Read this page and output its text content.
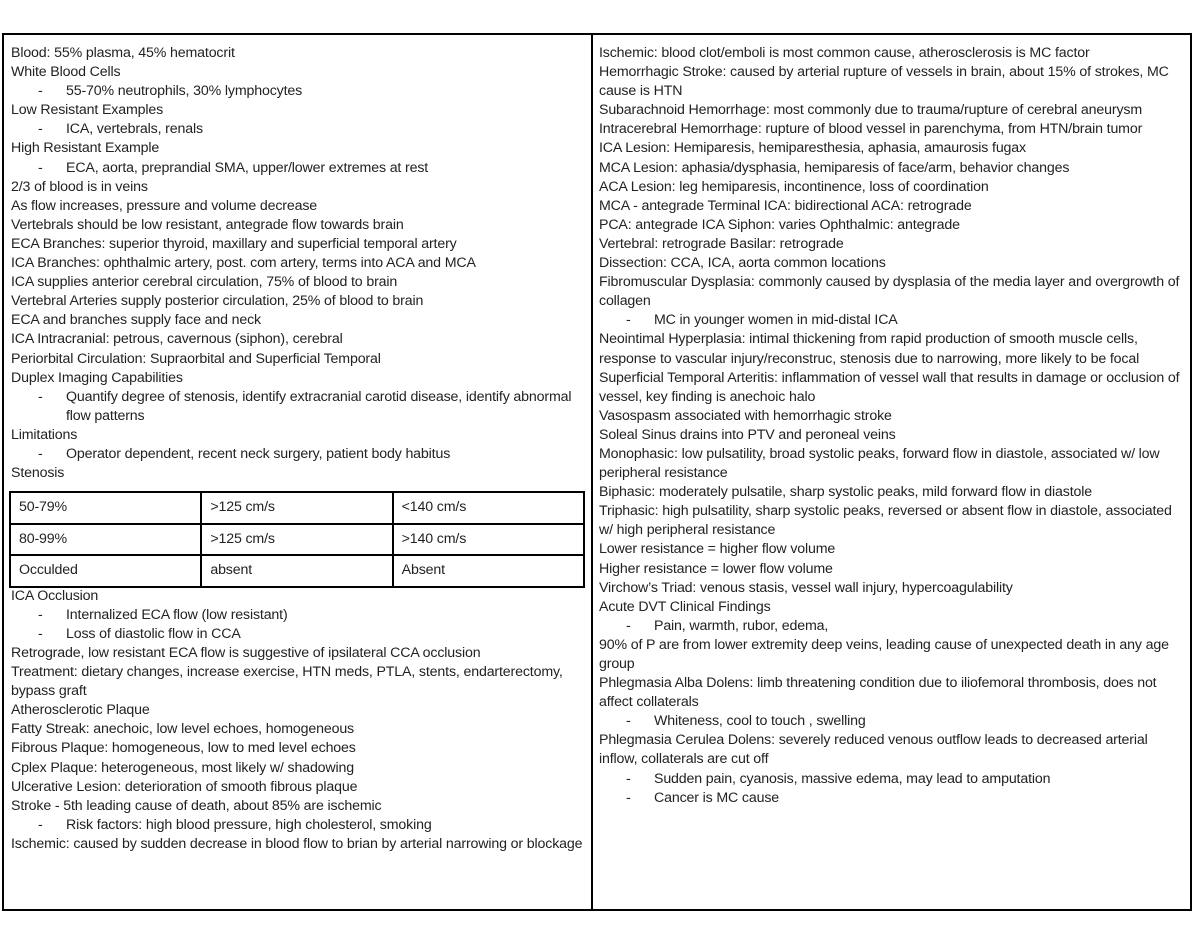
Blood: 55% plasma, 45% hematocrit
White Blood Cells
-	55-70% neutrophils, 30% lymphocytes
Low Resistant Examples
-	ICA, vertebrals, renals
High Resistant Example
-	ECA, aorta, preprandial SMA, upper/lower extremes at rest
2/3 of blood is in veins
As flow increases, pressure and volume decrease
Vertebrals should be low resistant, antegrade flow towards brain
ECA Branches: superior thyroid, maxillary and superficial temporal artery
ICA Branches: ophthalmic artery, post. com artery, terms into ACA and MCA
ICA supplies anterior cerebral circulation, 75% of blood to brain
Vertebral Arteries supply posterior circulation, 25% of blood to brain
ECA and branches supply face and neck
ICA Intracranial: petrous, cavernous (siphon), cerebral
Periorbital Circulation: Supraorbital and Superficial Temporal
Duplex Imaging Capabilities
-	Quantify degree of stenosis, identify extracranial carotid disease, identify abnormal flow patterns
Limitations
-	Operator dependent, recent neck surgery, patient body habitus
Stenosis
50-79%	>125 cm/s	<140 cm/s
80-99%	>125 cm/s	>140 cm/s
Occulded	absent	Absent
ICA Occlusion
-	Internalized ECA flow (low resistant)
-	Loss of diastolic flow in CCA
Retrograde, low resistant ECA flow is suggestive of ipsilateral CCA occlusion
Treatment: dietary changes, increase exercise, HTN meds, PTLA, stents, endarterectomy, bypass graft
Atherosclerotic Plaque
Fatty Streak: anechoic, low level echoes, homogeneous
Fibrous Plaque: homogeneous, low to med level echoes
Cplex Plaque: heterogeneous, most likely w/ shadowing
Ulcerative Lesion: deterioration of smooth fibrous plaque
Stroke - 5th leading cause of death, about 85% are ischemic
-	Risk factors: high blood pressure, high cholesterol, smoking
Ischemic: caused by sudden decrease in blood flow to brian by arterial narrowing or blockage
Ischemic: blood clot/emboli is most common cause, atherosclerosis is MC factor
Hemorrhagic Stroke: caused by arterial rupture of vessels in brain, about 15% of strokes, MC cause is HTN
Subarachnoid Hemorrhage: most commonly due to trauma/rupture of cerebral aneurysm
Intracerebral Hemorrhage: rupture of blood vessel in parenchyma, from HTN/brain tumor
ICA Lesion: Hemiparesis, hemiparesthesia, aphasia, amaurosis fugax
MCA Lesion: aphasia/dysphasia, hemiparesis of face/arm, behavior changes
ACA Lesion: leg hemiparesis, incontinence, loss of coordination
MCA - antegrade Terminal ICA: bidirectional ACA: retrograde
PCA: antegrade ICA Siphon: varies Ophthalmic: antegrade
Vertebral: retrograde Basilar: retrograde
Dissection: CCA, ICA, aorta common locations
Fibromuscular Dysplasia: commonly caused by dysplasia of the media layer and overgrowth of collagen
-	MC in younger women in mid-distal ICA
Neointimal Hyperplasia: intimal thickening from rapid production of smooth muscle cells, response to vascular injury/reconstruc, stenosis due to narrowing, more likely to be focal
Superficial Temporal Arteritis: inflammation of vessel wall that results in damage or occlusion of vessel, key finding is anechoic halo
Vasospasm associated with hemorrhagic stroke
Soleal Sinus drains into PTV and peroneal veins
Monophasic: low pulsatility, broad systolic peaks, forward flow in diastole, associated w/ low peripheral resistance
Biphasic: moderately pulsatile, sharp systolic peaks, mild forward flow in diastole
Triphasic: high pulsatility, sharp systolic peaks, reversed or absent flow in diastole, associated w/ high peripheral resistance
Lower resistance = higher flow volume
Higher resistance = lower flow volume
Virchow’s Triad: venous stasis, vessel wall injury, hypercoagulability
Acute DVT Clinical Findings
-	Pain, warmth, rubor, edema,
90% of P are from lower extremity deep veins, leading cause of unexpected death in any age group
Phlegmasia Alba Dolens: limb threatening condition due to iliofemoral thrombosis, does not affect collaterals
-	Whiteness, cool to touch , swelling
Phlegmasia Cerulea Dolens: severely reduced venous outflow leads to decreased arterial inflow, collaterals are cut off
-	Sudden pain, cyanosis, massive edema, may lead to amputation
-	Cancer is MC cause
